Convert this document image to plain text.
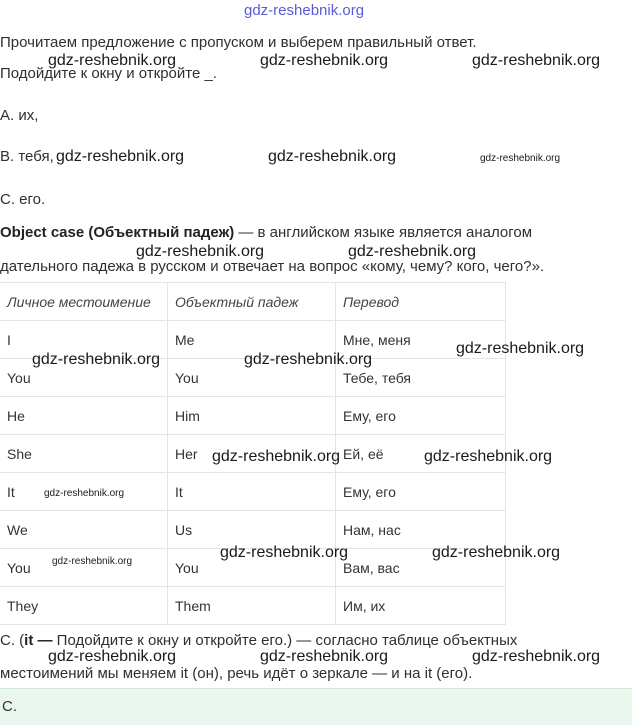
gdz-reshebnik.org
Прочитаем предложение с пропуском и выберем правильный ответ.
Подойдите к окну и откройте _.
A. их,
B. тебя,
C. его.
Object case (Объектный падеж) — в английском языке является аналогом
дательного падежа в русском и отвечает на вопрос «кому, чему? кого, чего?».
Личное местоимение	Объектный падеж	Перевод
I	Me	Мне, меня
You	You	Тебе, тебя
He	Him	Ему, его
She	Her	Ей, её
It	It	Ему, его
We	Us	Нам, нас
You	You	Вам, вас
They	Them	Им, их
C. (it — Подойдите к окну и откройте его.) — согласно таблице объектных
местоимений мы меняем it (он), речь идёт о зеркале — и на it (его).
C.
gdz-reshebnik.org	gdz-reshebnik.org	gdz-reshebnik.org
gdz-reshebnik.org	gdz-reshebnik.org	gdz-reshebnik.org
gdz-reshebnik.org	gdz-reshebnik.org
gdz-reshebnik.org	gdz-reshebnik.org
gdz-reshebnik.org
gdz-reshebnik.org	gdz-reshebnik.org
gdz-reshebnik.org
gdz-reshebnik.org	gdz-reshebnik.org
gdz-reshebnik.org
gdz-reshebnik.org	gdz-reshebnik.org	gdz-reshebnik.org
